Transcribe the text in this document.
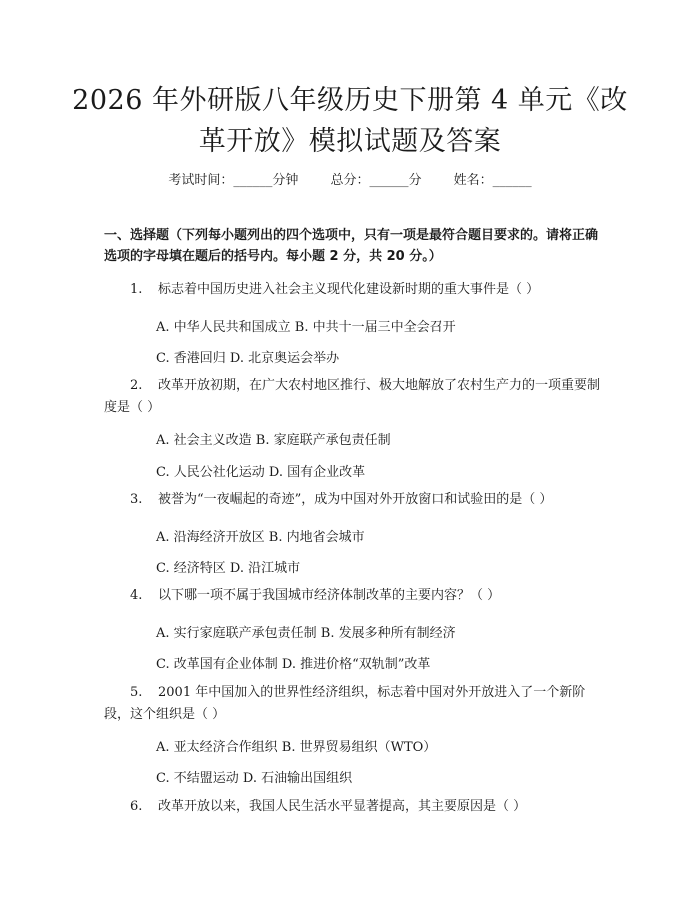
2026 年外研版八年级历史下册第 4 单元《改
革开放》模拟试题及答案
考试时间：______分钟 总分：______分 姓名：______
一、选择题（下列每小题列出的四个选项中，只有一项是最符合题目要求的。请将正确选项的字母填在题后的括号内。每小题 2 分，共 20 分。）
1. 标志着中国历史进入社会主义现代化建设新时期的重大事件是（ ）
A. 中华人民共和国成立 B. 中共十一届三中全会召开
C. 香港回归 D. 北京奥运会举办
2. 改革开放初期，在广大农村地区推行、极大地解放了农村生产力的一项重要制度是（ ）
A. 社会主义改造 B. 家庭联产承包责任制
C. 人民公社化运动 D. 国有企业改革
3. 被誉为“一夜崛起的奇迹”，成为中国对外开放窗口和试验田的是（ ）
A. 沿海经济开放区 B. 内地省会城市
C. 经济特区 D. 沿江城市
4. 以下哪一项不属于我国城市经济体制改革的主要内容？（ ）
A. 实行家庭联产承包责任制 B. 发展多种所有制经济
C. 改革国有企业体制 D. 推进价格“双轨制”改革
5. 2001 年中国加入的世界性经济组织，标志着中国对外开放进入了一个新阶段，这个组织是（ ）
A. 亚太经济合作组织 B. 世界贸易组织（WTO）
C. 不结盟运动 D. 石油输出国组织
6. 改革开放以来，我国人民生活水平显著提高，其主要原因是（ ）
